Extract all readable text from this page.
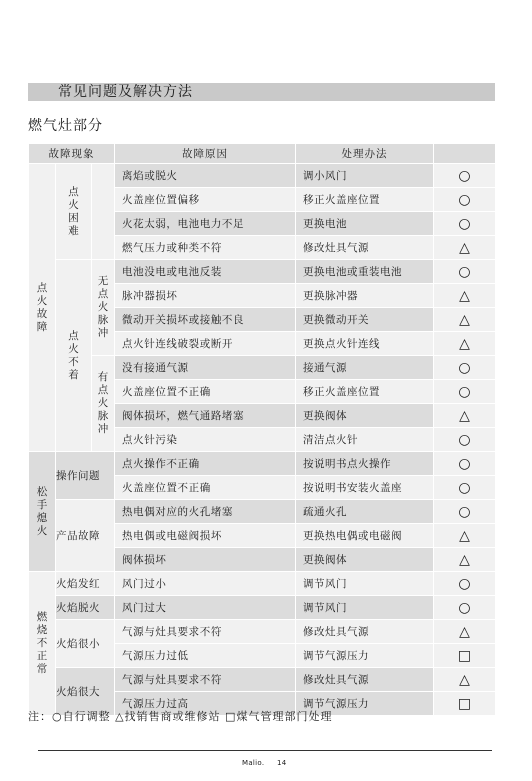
常见问题及解决方法
燃气灶部分
故障现象			故障原因	处理办法	
点火故障	点火困难		离焰或脱火	调小风门	○
			火盖座位置偏移	移正火盖座位置	○
			火花太弱，电池电力不足	更换电池	○
			燃气压力或种类不符	修改灶具气源	△
	点火不着	无点火脉冲	电池没电或电池反装	更换电池或重装电池	○
			脉冲器损坏	更换脉冲器	△
			微动开关损坏或接触不良	更换微动开关	△
			点火针连线破裂或断开	更换点火针连线	△
		有点火脉冲	没有接通气源	接通气源	○
			火盖座位置不正确	移正火盖座位置	○
			阀体损坏，燃气通路堵塞	更换阀体	△
			点火针污染	清洁点火针	○
松手熄火	操作问题		点火操作不正确	按说明书点火操作	○
			火盖座位置不正确	按说明书安装火盖座	○
	产品故障		热电偶对应的火孔堵塞	疏通火孔	○
			热电偶或电磁阀损坏	更换热电偶或电磁阀	△
			阀体损坏	更换阀体	△
燃烧不正常	火焰发红		风门过小	调节风门	○
	火焰脱火		风门过大	调节风门	○
	火焰很小		气源与灶具要求不符	修改灶具气源	△
			气源压力过低	调节气源压力	□
	火焰很大		气源与灶具要求不符	修改灶具气源	△
			气源压力过高	调节气源压力	□
注：○自行调整 △找销售商或维修站 □煤气管理部门处理
Malio. 14
